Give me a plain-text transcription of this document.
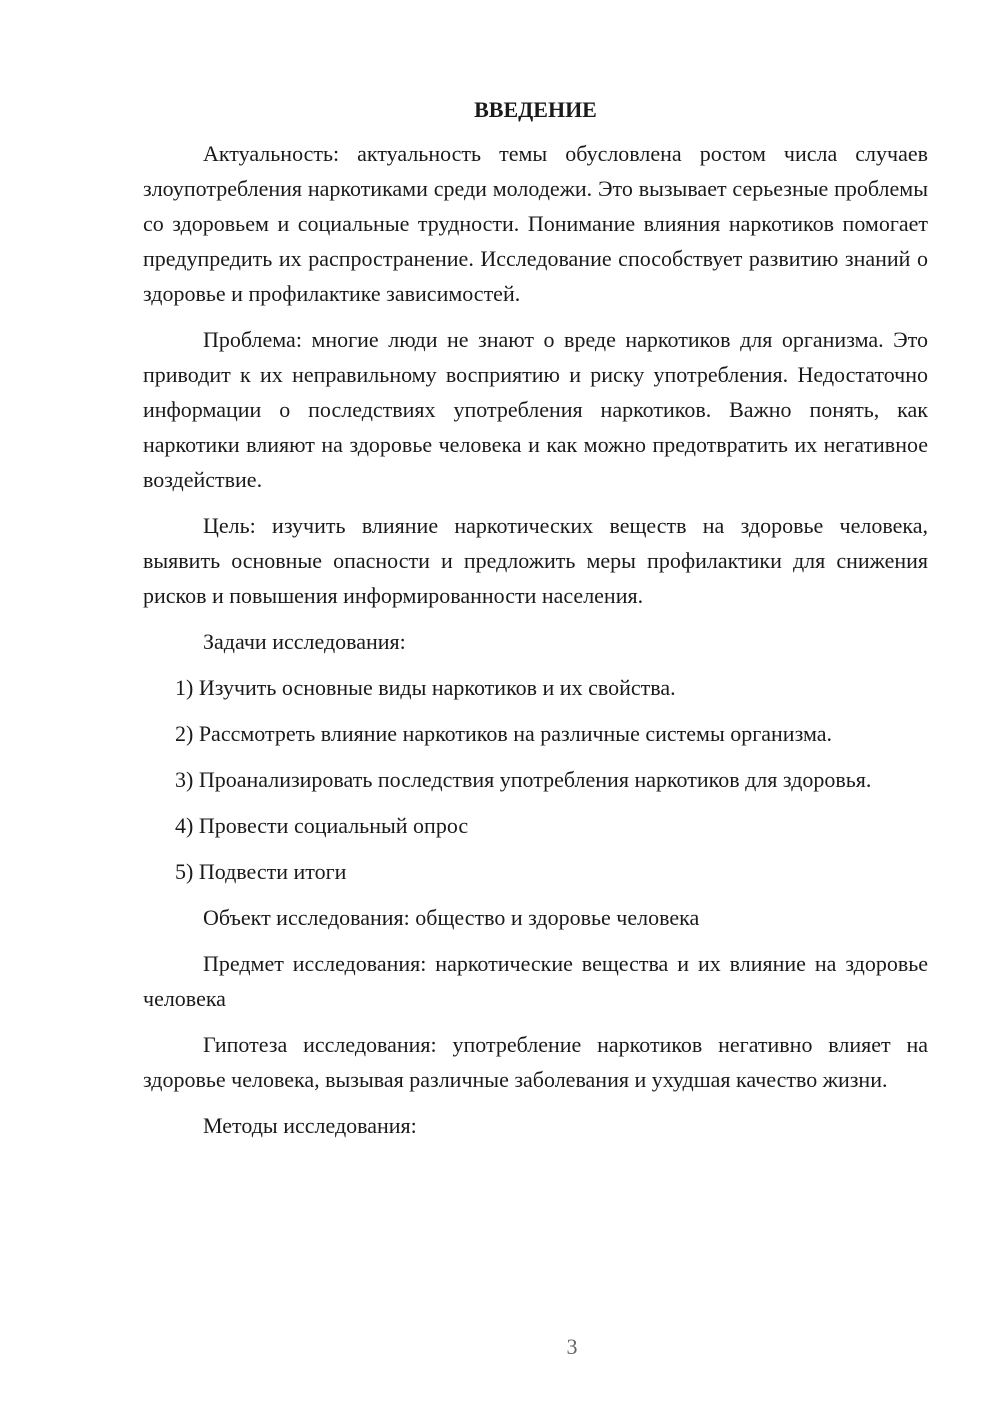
ВВЕДЕНИЕ

Актуальность: актуальность темы обусловлена ростом числа случаев злоупотребления наркотиками среди молодежи. Это вызывает серьезные проблемы со здоровьем и социальные трудности. Понимание влияния наркотиков помогает предупредить их распространение. Исследование способствует развитию знаний о здоровье и профилактике зависимостей.

Проблема: многие люди не знают о вреде наркотиков для организма. Это приводит к их неправильному восприятию и риску употребления. Недостаточно информации о последствиях употребления наркотиков. Важно понять, как наркотики влияют на здоровье человека и как можно предотвратить их негативное воздействие.

Цель: изучить влияние наркотических веществ на здоровье человека, выявить основные опасности и предложить меры профилактики для снижения рисков и повышения информированности населения.

Задачи исследования:

1) Изучить основные виды наркотиков и их свойства.

2) Рассмотреть влияние наркотиков на различные системы организма.

3) Проанализировать последствия употребления наркотиков для здоровья.

4) Провести социальный опрос

5) Подвести итоги

Объект исследования: общество и здоровье человека

Предмет исследования: наркотические вещества и их влияние на здоровье человека

Гипотеза исследования: употребление наркотиков негативно влияет на здоровье человека, вызывая различные заболевания и ухудшая качество жизни.

Методы исследования:

3
